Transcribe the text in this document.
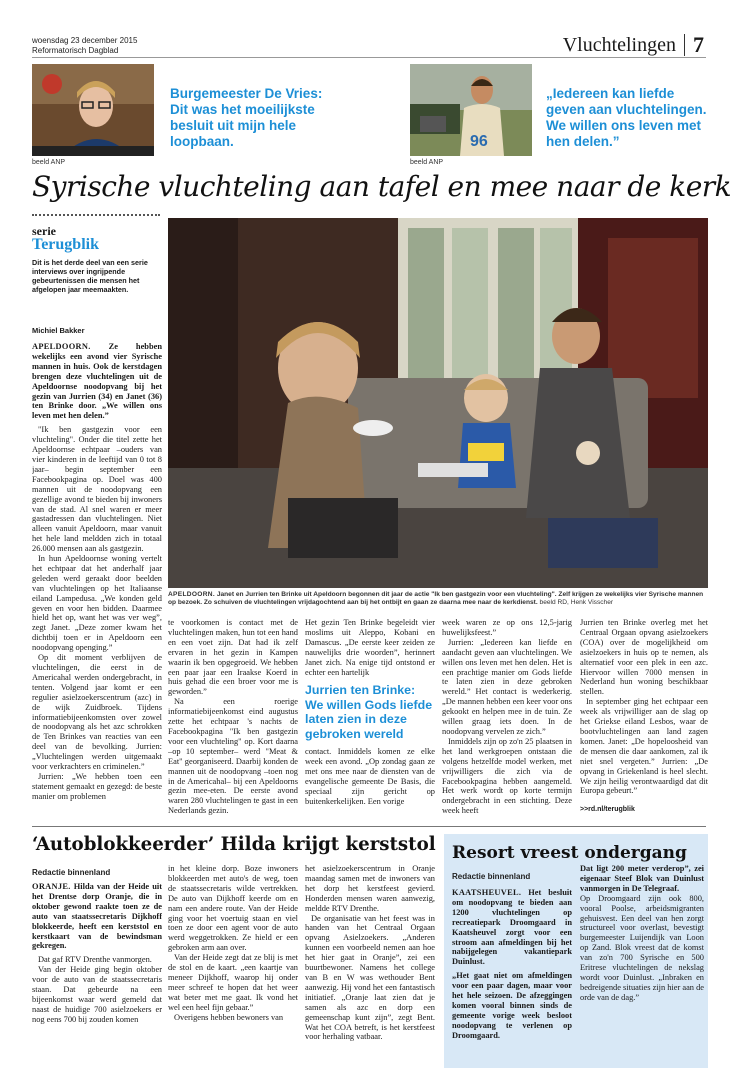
woensdag 23 december 2015
Reformatorisch Dagblad	Vluchtelingen 7
Burgemeester De Vries: Dit was het moeilijkste besluit uit mijn hele loopbaan.
beeld ANP
96
„Iedereen kan liefde geven aan vluchtelingen. We willen ons leven met hen delen.”
beeld ANP
Syrische vluchteling aan tafel en mee naar de kerk
serie
Terugblik
Dit is het derde deel van een serie interviews over ingrijpende gebeurtenissen die mensen het afgelopen jaar meemaakten.
Michiel Bakker
APELDOORN. Janet en Jurrien ten Brinke uit Apeldoorn begonnen dit jaar de actie "Ik ben gastgezin voor een vluchteling". Zelf krijgen ze wekelijks vier Syrische mannen op bezoek. Zo schuiven de vluchtelingen vrijdagochtend aan bij het ontbijt en gaan ze daarna mee naar de kerkdienst. beeld RD, Henk Visscher

APELDOORN. Ze hebben wekelijks een avond vier Syrische mannen in huis. Ook de kerstdagen brengen deze vluchtelingen uit de Apeldoornse noodopvang bij het gezin van Jurrien (34) en Janet (36) ten Brinke door. „We willen ons leven met hen delen.”

"Ik ben gastgezin voor een vluchteling". Onder die titel zette het Apeldoornse echtpaar –ouders van vier kinderen in de leeftijd van 0 tot 8 jaar– begin september een Facebookpagina op. Doel was 400 mannen uit de noodopvang een gezellige avond te bieden bij inwoners van de stad. Al snel waren er meer gastadressen dan vluchtelingen. Niet alleen vanuit Apeldoorn, maar vanuit het hele land meldden zich in totaal 26.000 mensen aan als gastgezin.

In hun Apeldoornse woning vertelt het echtpaar dat het anderhalf jaar geleden werd geraakt door beelden van vluchtelingen op het Italiaanse eiland Lampedusa. „We konden geld geven en voor hen bidden. Daarmee hield het op, want het was ver weg”, zegt Janet. „Deze zomer kwam het dichtbij toen er in Apeldoorn een noodopvang openging.”

Op dit moment verblijven de vluchtelingen, die eerst in de Americahal werden ondergebracht, in tenten. Volgend jaar komt er een regulier asielzoekerscentrum (azc) in de wijk Zuidbroek. Tijdens informatiebijeenkomsten over zowel de noodopvang als het azc schrokken de Ten Brinkes van reacties van een deel van de bevolking. Jurrien: „Vluchtelingen werden uitgemaakt voor verkrachters en criminelen.”

Jurrien: „We hebben toen een statement gemaakt en gezegd: de beste manier om problemen

te voorkomen is contact met de vluchtelingen maken, hun tot een hand en een voet zijn. Dat had ik zelf ervaren in het gezin in Kampen waarin ik ben opgegroeid. We hebben een paar jaar een Iraakse Koerd in huis gehad die een broer voor me is geworden.”

Na een roerige informatiebijeenkomst eind augustus zette het echtpaar 's nachts de Facebookpagina "Ik ben gastgezin voor een vluchteling" op. Kort daarna –op 10 september– werd "Meat & Eat" georganiseerd. Daarbij konden de mannen uit de noodopvang –toen nog in de Americahal– bij een Apeldoorns gezin mee-eten. De eerste avond waren 280 vluchtelingen te gast in een Nederlands gezin.

Het gezin Ten Brinke begeleidt vier moslims uit Aleppo, Kobani en Damascus. „De eerste keer zeiden ze nauwelijks drie woorden”, herinnert Janet zich. Na enige tijd ontstond er echter een hartelijk

Jurrien ten Brinke: We willen Gods liefde laten zien in deze gebroken wereld

contact. Inmiddels komen ze elke week een avond. „Op zondag gaan ze met ons mee naar de diensten van de evangelische gemeente De Basis, die speciaal zijn gericht op buitenkerkelijken. Een vorige

week waren ze op ons 12,5-jarig huwelijksfeest.”

Jurrien: „Iedereen kan liefde en aandacht geven aan vluchtelingen. We willen ons leven met hen delen. Het is een prachtige manier om Gods liefde te laten zien in deze gebroken wereld.” Het contact is wederkerig. „De mannen hebben een keer voor ons gekookt en helpen mee in de tuin. Ze willen graag iets doen. In de noodopvang vervelen ze zich.”

Inmiddels zijn op zo'n 25 plaatsen in het land werkgroepen ontstaan die volgens hetzelfde model werken, met vrijwilligers die zich via de Facebookpagina hebben aangemeld. Het werk wordt op korte termijn ondergebracht in een stichting. Deze week heeft

Jurrien ten Brinke overleg met het Centraal Orgaan opvang asielzoekers (COA) over de mogelijkheid om asielzoekers in huis op te nemen, als alternatief voor een plek in een azc. Hiervoor willen 7000 mensen in Nederland hun woning beschikbaar stellen.

In september ging het echtpaar een week als vrijwilliger aan de slag op het Griekse eiland Lesbos, waar de bootvluchtelingen aan land zagen komen. Janet: „De hopeloosheid van de mensen die daar aankomen, zal ik niet snel vergeten.” Jurrien: „De opvang in Griekenland is heel slecht. We zijn heilig verontwaardigd dat dit Europa gebeurt.”

>>rd.nl/terugblik
‘Autoblokkeerder’ Hilda krijgt kerststol
Redactie binnenland

ORANJE. Hilda van der Heide uit het Drentse dorp Oranje, die in oktober gewond raakte toen ze de auto van staatssecretaris Dijkhoff blokkeerde, heeft een kerststol en kerstkaart van de bewindsman gekregen.

Dat gaf RTV Drenthe vanmorgen.

Van der Heide ging begin oktober voor de auto van de staatssecretaris staan. Dat gebeurde na een bijeenkomst waar werd gemeld dat naast de huidige 700 asielzoekers er nog eens 700 bij zouden komen

in het kleine dorp. Boze inwoners blokkeerden met auto's de weg, toen de staatssecretaris wilde vertrekken. De auto van Dijkhoff keerde om en nam een andere route. Van der Heide ging voor het voertuig staan en viel toen ze door een agent voor de auto werd weggetrokken. Ze hield er een gebroken arm aan over.

Van der Heide zegt dat ze blij is met de stol en de kaart. „een kaartje van meneer Dijkhoff, waarop hij onder meer schreef te hopen dat het weer wat beter met me gaat. Ik vond het wel een heel fijn gebaar.”

Overigens hebben bewoners van

het asielzoekerscentrum in Oranje maandag samen met de inwoners van het dorp het kerstfeest gevierd. Honderden mensen waren aanwezig, meldde RTV Drenthe.

De organisatie van het feest was in handen van het Centraal Orgaan opvang Asielzoekers. „Anderen kunnen een voorbeeld nemen aan hoe het hier gaat in Oranje”, zei een buurtbewoner. Namens het college van B en W was wethouder Bent aanwezig. Hij vond het een fantastisch initiatief. „Oranje laat zien dat je samen als azc en dorp een gemeenschap kunt zijn”, zegt Bent. Wat het COA betreft, is het kerstfeest voor herhaling vatbaar.

Resort vreest ondergang
Redactie binnenland

KAATSHEUVEL. Het besluit om noodopvang te bieden aan 1200 vluchtelingen op recreatiepark Droomgaard in Kaatsheuvel zorgt voor een stroom aan afmeldingen bij het nabijgelegen vakantiepark Duinlust.

„Het gaat niet om afmeldingen voor een paar dagen, maar voor het hele seizoen. De afzeggingen komen vooral binnen sinds de gemeente vorige week besloot noodopvang te verlenen op Droomgaard.

Dat ligt 200 meter verderop”, zei eigenaar Steef Blok van Duinlust vanmorgen in De Telegraaf.

Op Droomgaard zijn ook 800, vooral Poolse, arbeidsmigranten gehuisvest. Een deel van hen zorgt structureel voor overlast, bevestigt burgemeester Luijendijk van Loon op Zand. Blok vreest dat de komst van zo'n 700 Syrische en 500 Eritrese vluchtelingen de nekslag wordt voor Duinlust. „Inbraken en bedreigende situaties zijn hier aan de orde van de dag.”
